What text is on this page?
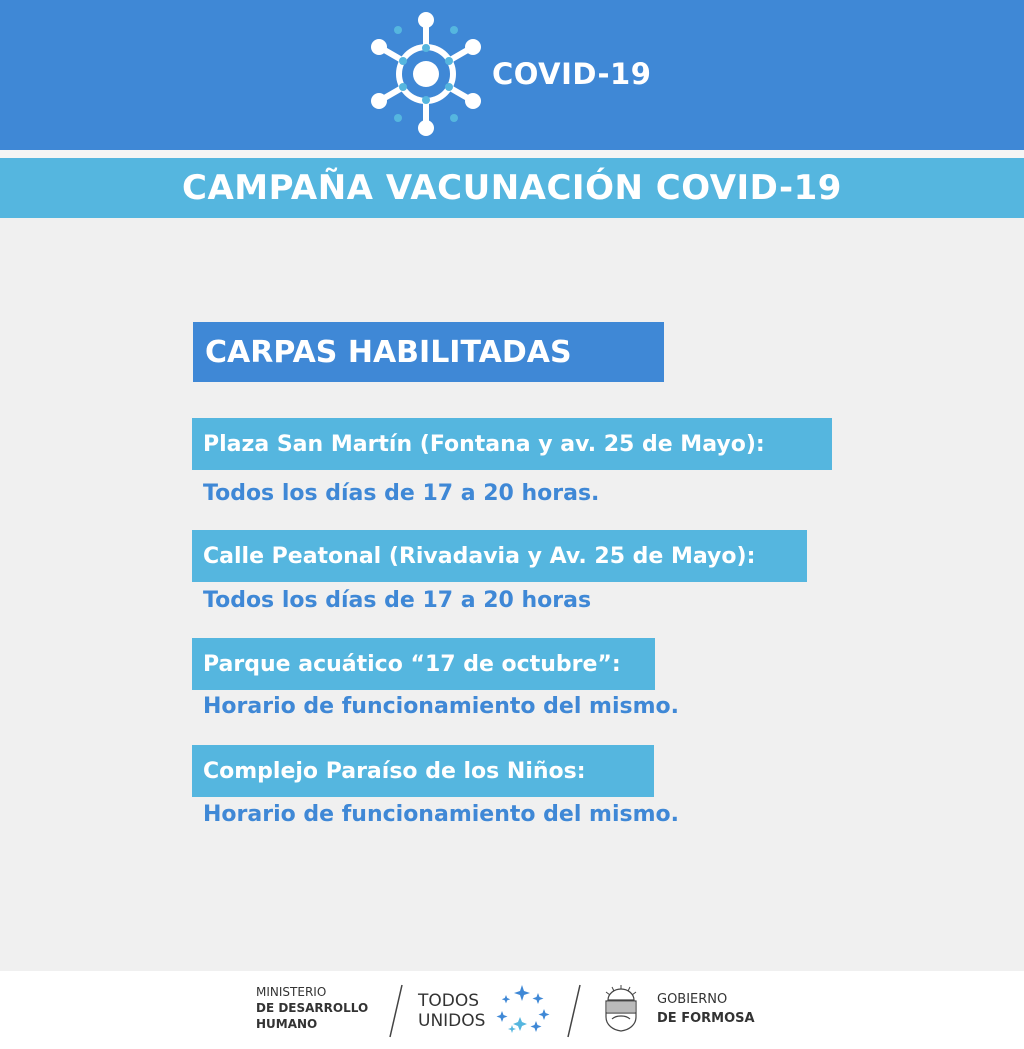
COVID-19
CAMPAÑA VACUNACIÓN COVID-19
CARPAS HABILITADAS
Plaza San Martín (Fontana y av. 25 de Mayo):
Todos los días de 17 a 20 horas.
Calle Peatonal (Rivadavia y Av. 25 de Mayo):
Todos los días de 17 a 20 horas
Parque acuático “17 de octubre”:
Horario de funcionamiento del mismo.
Complejo Paraíso de los Niños:
Horario de funcionamiento del mismo.
MINISTERIO
DE DESARROLLO
HUMANO
TODOS
UNIDOS
GOBIERNO
DE FORMOSA
